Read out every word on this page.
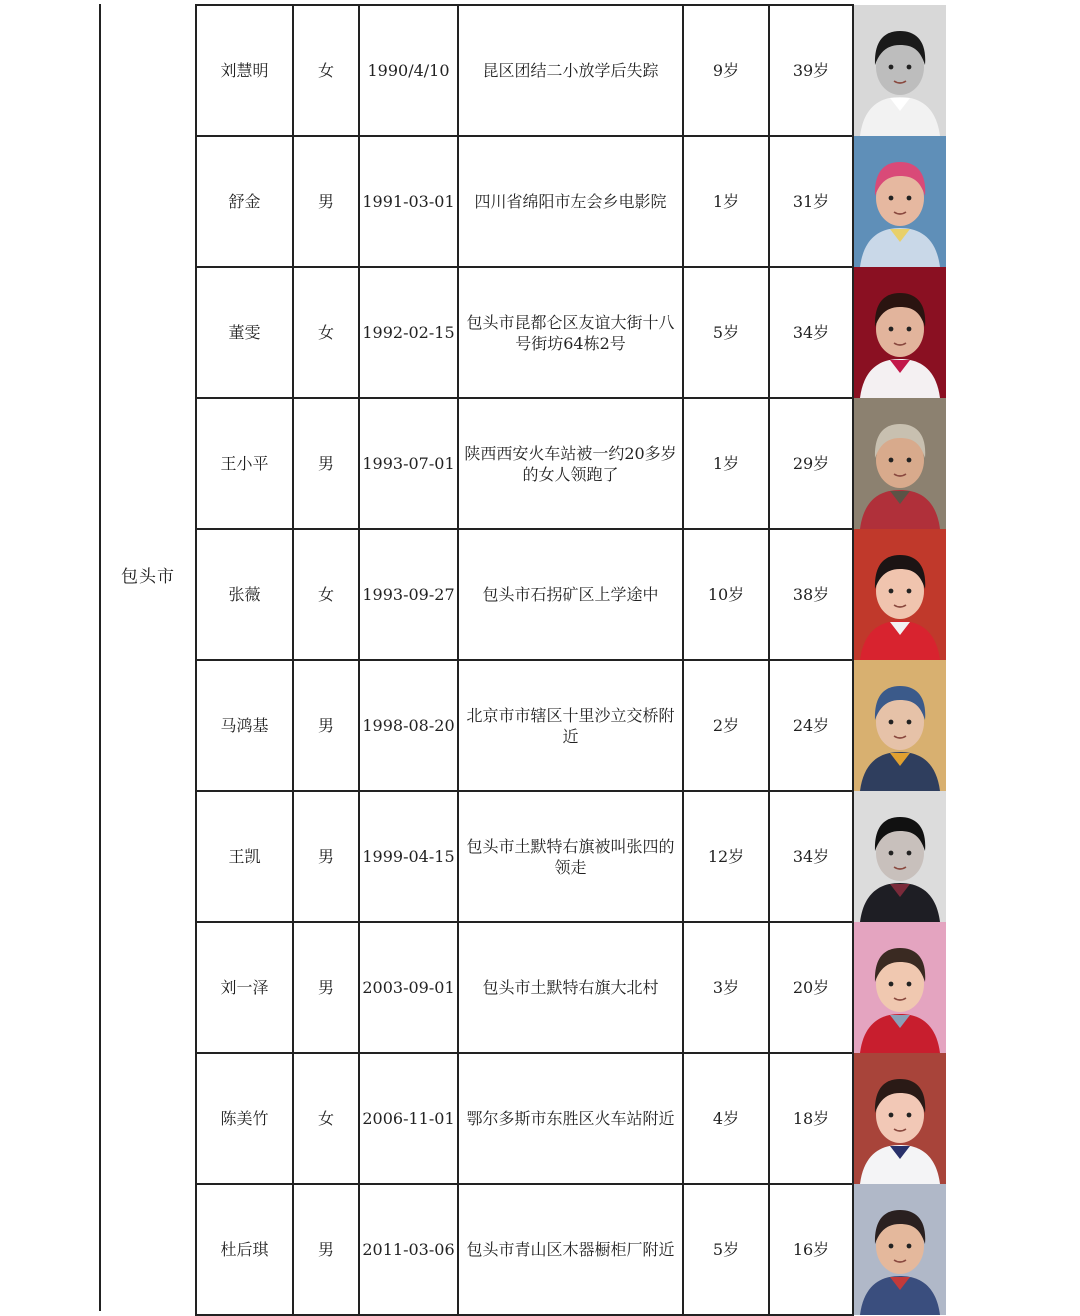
包头市
刘慧明	女	1990/4/10	昆区团结二小放学后失踪	9岁	39岁	

舒金	男	1991-03-01	四川省绵阳市左会乡电影院	1岁	31岁	

董雯	女	1992-02-15	包头市昆都仑区友谊大街十八号街坊64栋2号	5岁	34岁	

王小平	男	1993-07-01	陕西西安火车站被一约20多岁的女人领跑了	1岁	29岁	

张薇	女	1993-09-27	包头市石拐矿区上学途中	10岁	38岁	

马鸿基	男	1998-08-20	北京市市辖区十里沙立交桥附近	2岁	24岁	

王凯	男	1999-04-15	包头市土默特右旗被叫张四的领走	12岁	34岁	

刘一泽	男	2003-09-01	包头市土默特右旗大北村	3岁	20岁	

陈美竹	女	2006-11-01	鄂尔多斯市东胜区火车站附近	4岁	18岁	

杜后琪	男	2011-03-06	包头市青山区木器橱柜厂附近	5岁	16岁	
